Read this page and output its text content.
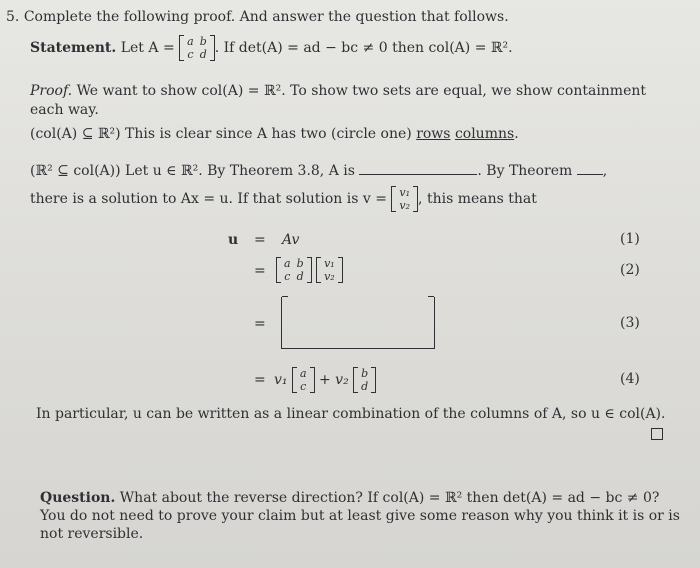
5. Complete the following proof. And answer the question that follows.
Statement. Let A = a	b
c	d . If det(A) = ad − bc ≠ 0 then col(A) = ℝ².
Proof. We want to show col(A) = ℝ². To show two sets are equal, we show containment
each way.
(col(A) ⊆ ℝ²) This is clear since A has two (circle one) rows columns.
(ℝ² ⊆ col(A)) Let u ∈ ℝ². By Theorem 3.8, A is	. By Theorem ,
there is a solution to Ax = u. If that solution is v = v₁
v₂ , this means that
u = Av	(1)
= a	b
c	d

v₁
v₂	(2)
=	(3)
= v₁ a
c + v₂ b
d	(4)
In particular, u can be written as a linear combination of the columns of A, so u ∈ col(A).
Question. What about the reverse direction? If col(A) = ℝ² then det(A) = ad − bc ≠ 0?
You do not need to prove your claim but at least give some reason why you think it is or is
not reversible.
